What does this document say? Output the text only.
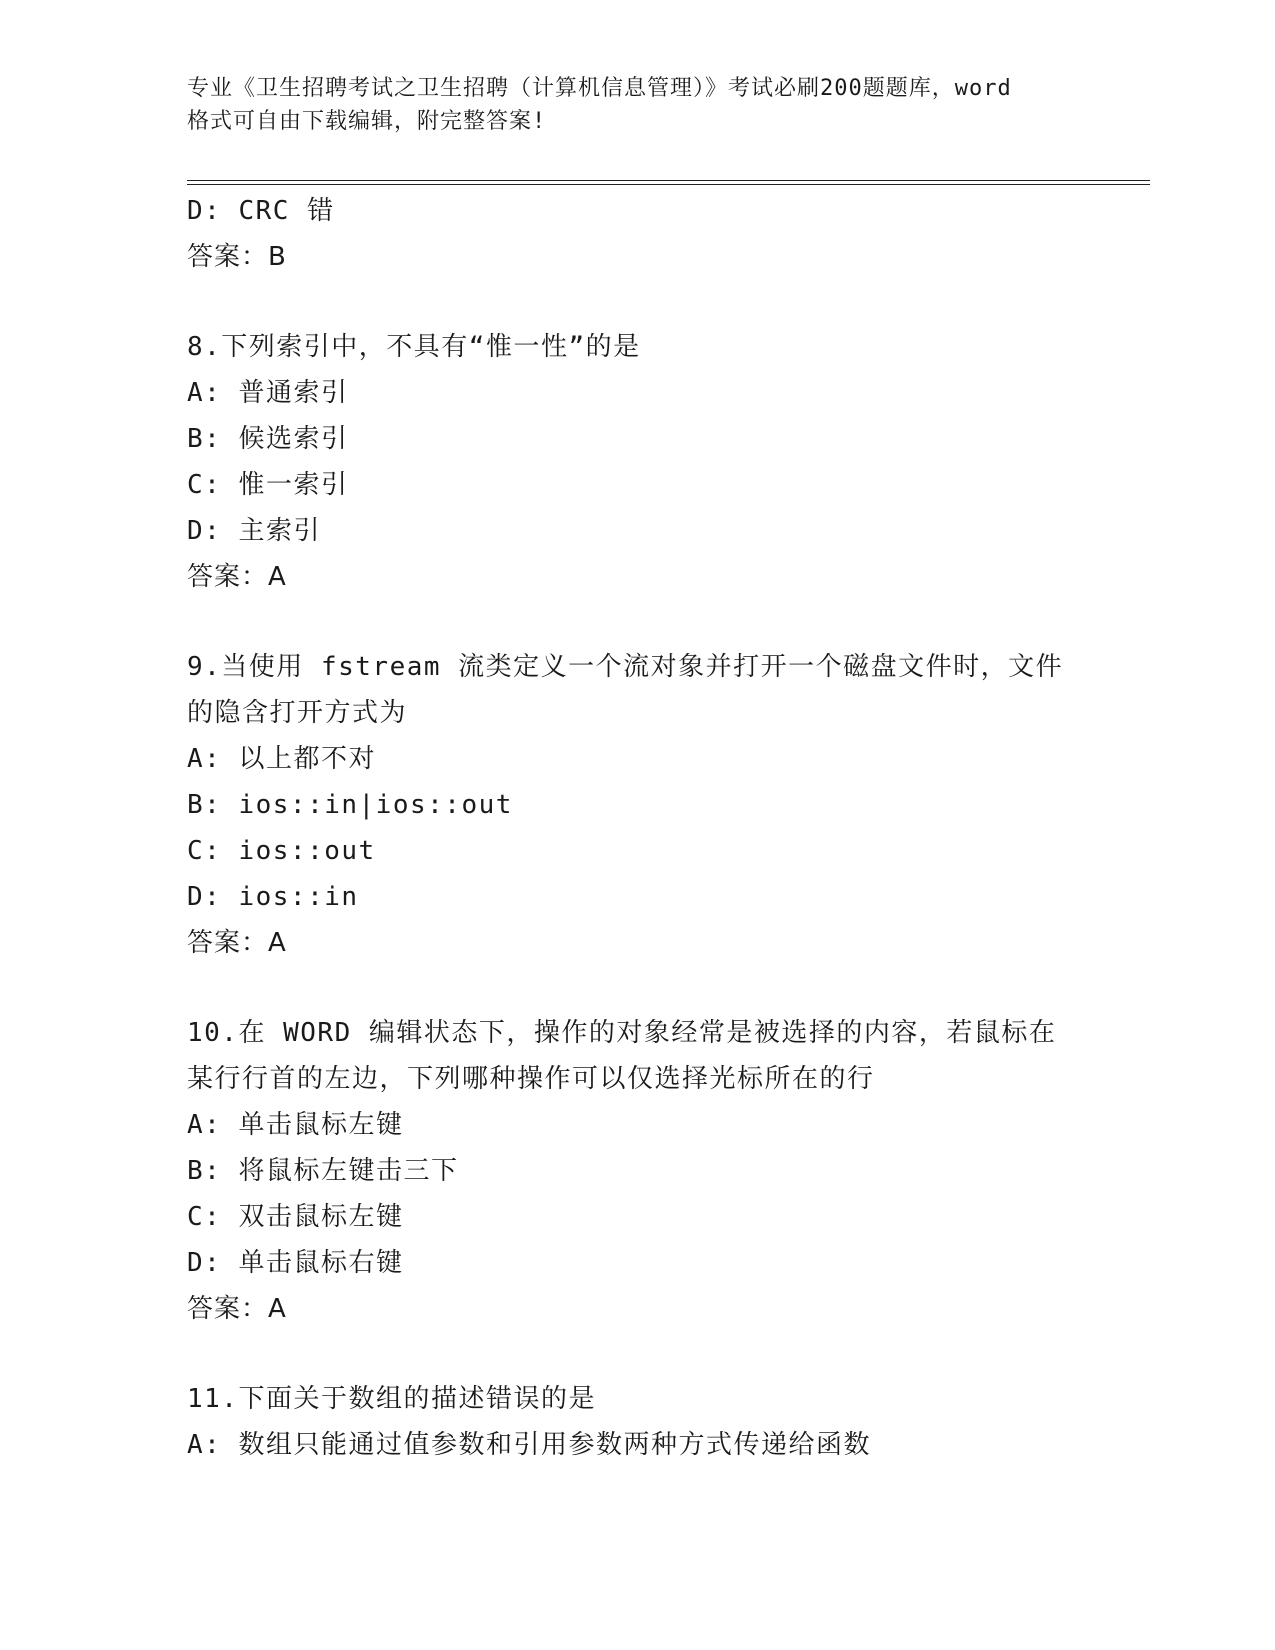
专业《卫生招聘考试之卫生招聘（计算机信息管理）》考试必刷200题题库，word
格式可自由下载编辑，附完整答案!
D: CRC 错
答案：B
8.下列索引中，不具有“惟一性”的是
A: 普通索引
B: 候选索引
C: 惟一索引
D: 主索引
答案：A
9.当使用 fstream 流类定义一个流对象并打开一个磁盘文件时，文件
的隐含打开方式为
A: 以上都不对
B: ios::in|ios::out
C: ios::out
D: ios::in
答案：A
10.在 WORD 编辑状态下，操作的对象经常是被选择的内容，若鼠标在
某行行首的左边，下列哪种操作可以仅选择光标所在的行
A: 单击鼠标左键
B: 将鼠标左键击三下
C: 双击鼠标左键
D: 单击鼠标右键
答案：A
11.下面关于数组的描述错误的是
A: 数组只能通过值参数和引用参数两种方式传递给函数
